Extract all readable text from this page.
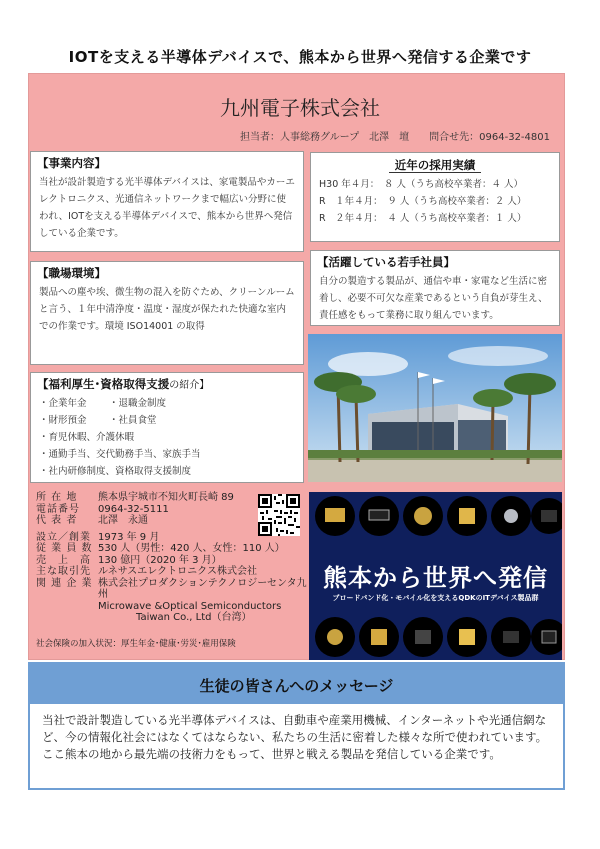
IOTを支える半導体デバイスで、熊本から世界へ発信する企業です
九州電子株式会社
担当者：人事総務グループ　北澤　壇　　問合せ先：0964-32-4801
【事業内容】
当社が設計製造する光半導体デバイスは、家電製品やカーエレクトロニクス、光通信ネットワークまで幅広い分野に使われ、IOTを支える半導体デバイスで、熊本から世界へ発信している企業です。
【職場環境】
製品への塵や埃、微生物の混入を防ぐため、クリーンルームと言う、１年中清浄度・温度・湿度が保たれた快適な室内での作業です。環境 ISO14001 の取得
【福利厚生･資格取得支援の紹介】
・企業年金	・退職金制度
・財形預金	・社員食堂
・育児休暇、介護休暇
・通勤手当、交代勤務手当、家族手当
・社内研修制度、資格取得支援制度
近年の採用実績
H30 年４月：　８ 人（うち高校卒業者：４ 人）
R　１年４月：　９ 人（うち高校卒業者：２ 人）
R　２年４月：　４ 人（うち高校卒業者：１ 人）
【活躍している若手社員】
自分の製造する製品が、通信や車・家電など生活に密着し、必要不可欠な産業であるという自負が芽生え、責任感をもって業務に取り組んでいます。
所 在 地	熊本県宇城市不知火町長崎 89
電話番号	0964-32-5111
代 表 者	北澤　永通
設立／創業 1973 年 9 月
従 業 員 数 530 人（男性：420 人、女性：110 人）
売　上　高 130 億円（2020 年 3 月）
主な取引先 ルネサスエレクトロニクス株式会社
関 連 企 業 株式会社プロダクションテクノロジーセンタ九州
Microwave &Optical Semiconductors
Taiwan Co., Ltd（台湾）
社会保険の加入状況：厚生年金･健康･労災･雇用保険
熊本から世界へ発信
ブロードバンド化・モバイル化を支えるQDKのITデバイス製品群
生徒の皆さんへのメッセージ
当社で設計製造している光半導体デバイスは、自動車や産業用機械、インターネットや光通信網など、今の情報化社会にはなくてはならない、私たちの生活に密着した様々な所で使われています。
ここ熊本の地から最先端の技術力をもって、世界と戦える製品を発信している企業です。
